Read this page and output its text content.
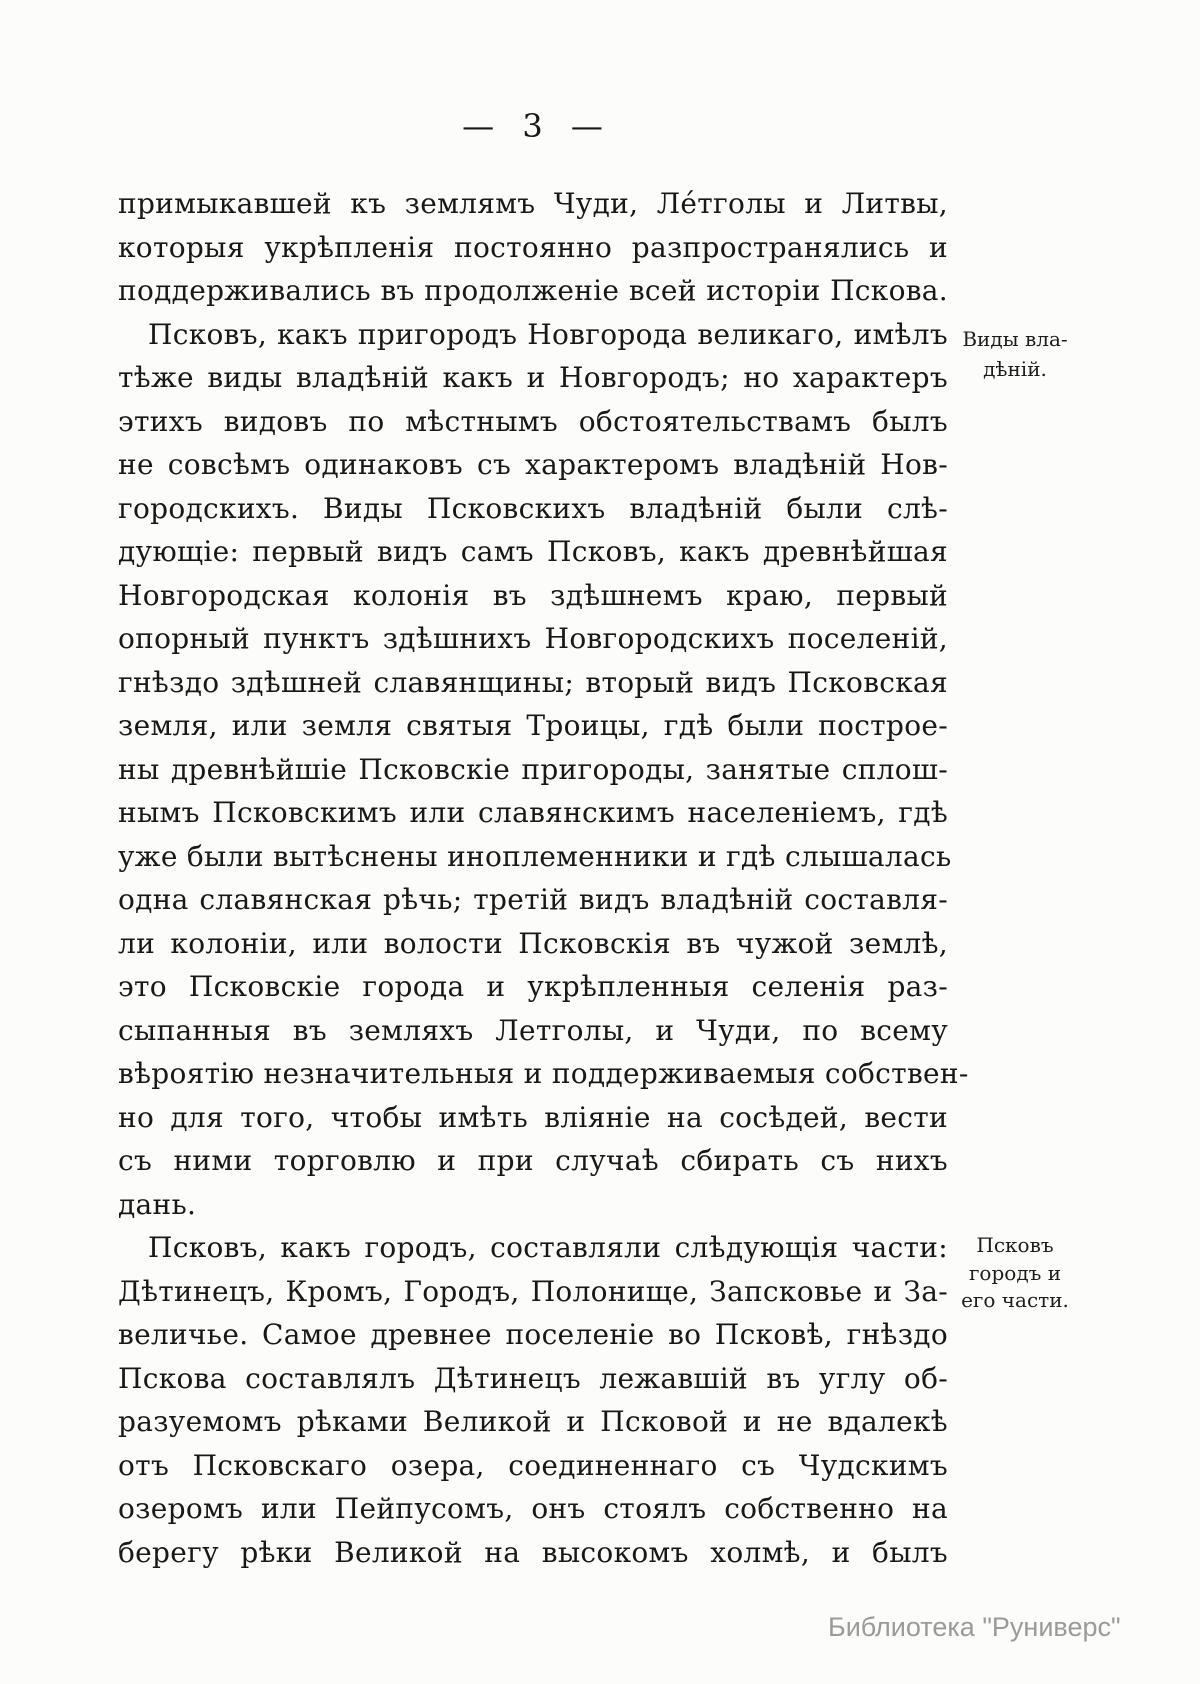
— 3 —
примыкавшей къ землямъ Чуди, Ле́тголы и Литвы,
которыя укрѣпленія постоянно разпространялись и
поддерживались въ продолженіе всей исторіи Пскова.
Псковъ, какъ пригородъ Новгорода великаго, имѣлъ
тѣже виды владѣній какъ и Новгородъ; но характеръ
этихъ видовъ по мѣстнымъ обстоятельствамъ былъ
не совсѣмъ одинаковъ съ характеромъ владѣній Нов-
городскихъ. Виды Псковскихъ владѣній были слѣ-
дующіе: первый видъ самъ Псковъ, какъ древнѣйшая
Новгородская колонія въ здѣшнемъ краю, первый
опорный пунктъ здѣшнихъ Новгородскихъ поселеній,
гнѣздо здѣшней славянщины; вторый видъ Псковская
земля, или земля святыя Троицы, гдѣ были построе-
ны древнѣйшіе Псковскіе пригороды, занятые сплош-
нымъ Псковскимъ или славянскимъ населеніемъ, гдѣ
уже были вытѣснены иноплеменники и гдѣ слышалась
одна славянская рѣчь; третій видъ владѣній составля-
ли колоніи, или волости Псковскія въ чужой землѣ,
это Псковскіе города и укрѣпленныя селенія раз-
сыпанныя въ земляхъ Летголы, и Чуди, по всему
вѣроятію незначительныя и поддерживаемыя собствен-
но для того, чтобы имѣть вліяніе на сосѣдей, вести
съ ними торговлю и при случаѣ сбирать съ нихъ
дань.
Псковъ, какъ городъ, составляли слѣдующія части:
Дѣтинецъ, Кромъ, Городъ, Полонище, Запсковье и За-
величье. Самое древнее поселеніе во Псковѣ, гнѣздо
Пскова составлялъ Дѣтинецъ лежавшій въ углу об-
разуемомъ рѣками Великой и Псковой и не вдалекѣ
отъ Псковскаго озера, соединеннаго съ Чудскимъ
озеромъ или Пейпусомъ, онъ стоялъ собственно на
берегу рѣки Великой на высокомъ холмѣ, и былъ
Виды вла-
дѣній.
Псковъ
городъ и
его части.
Библиотека "Руниверс"
